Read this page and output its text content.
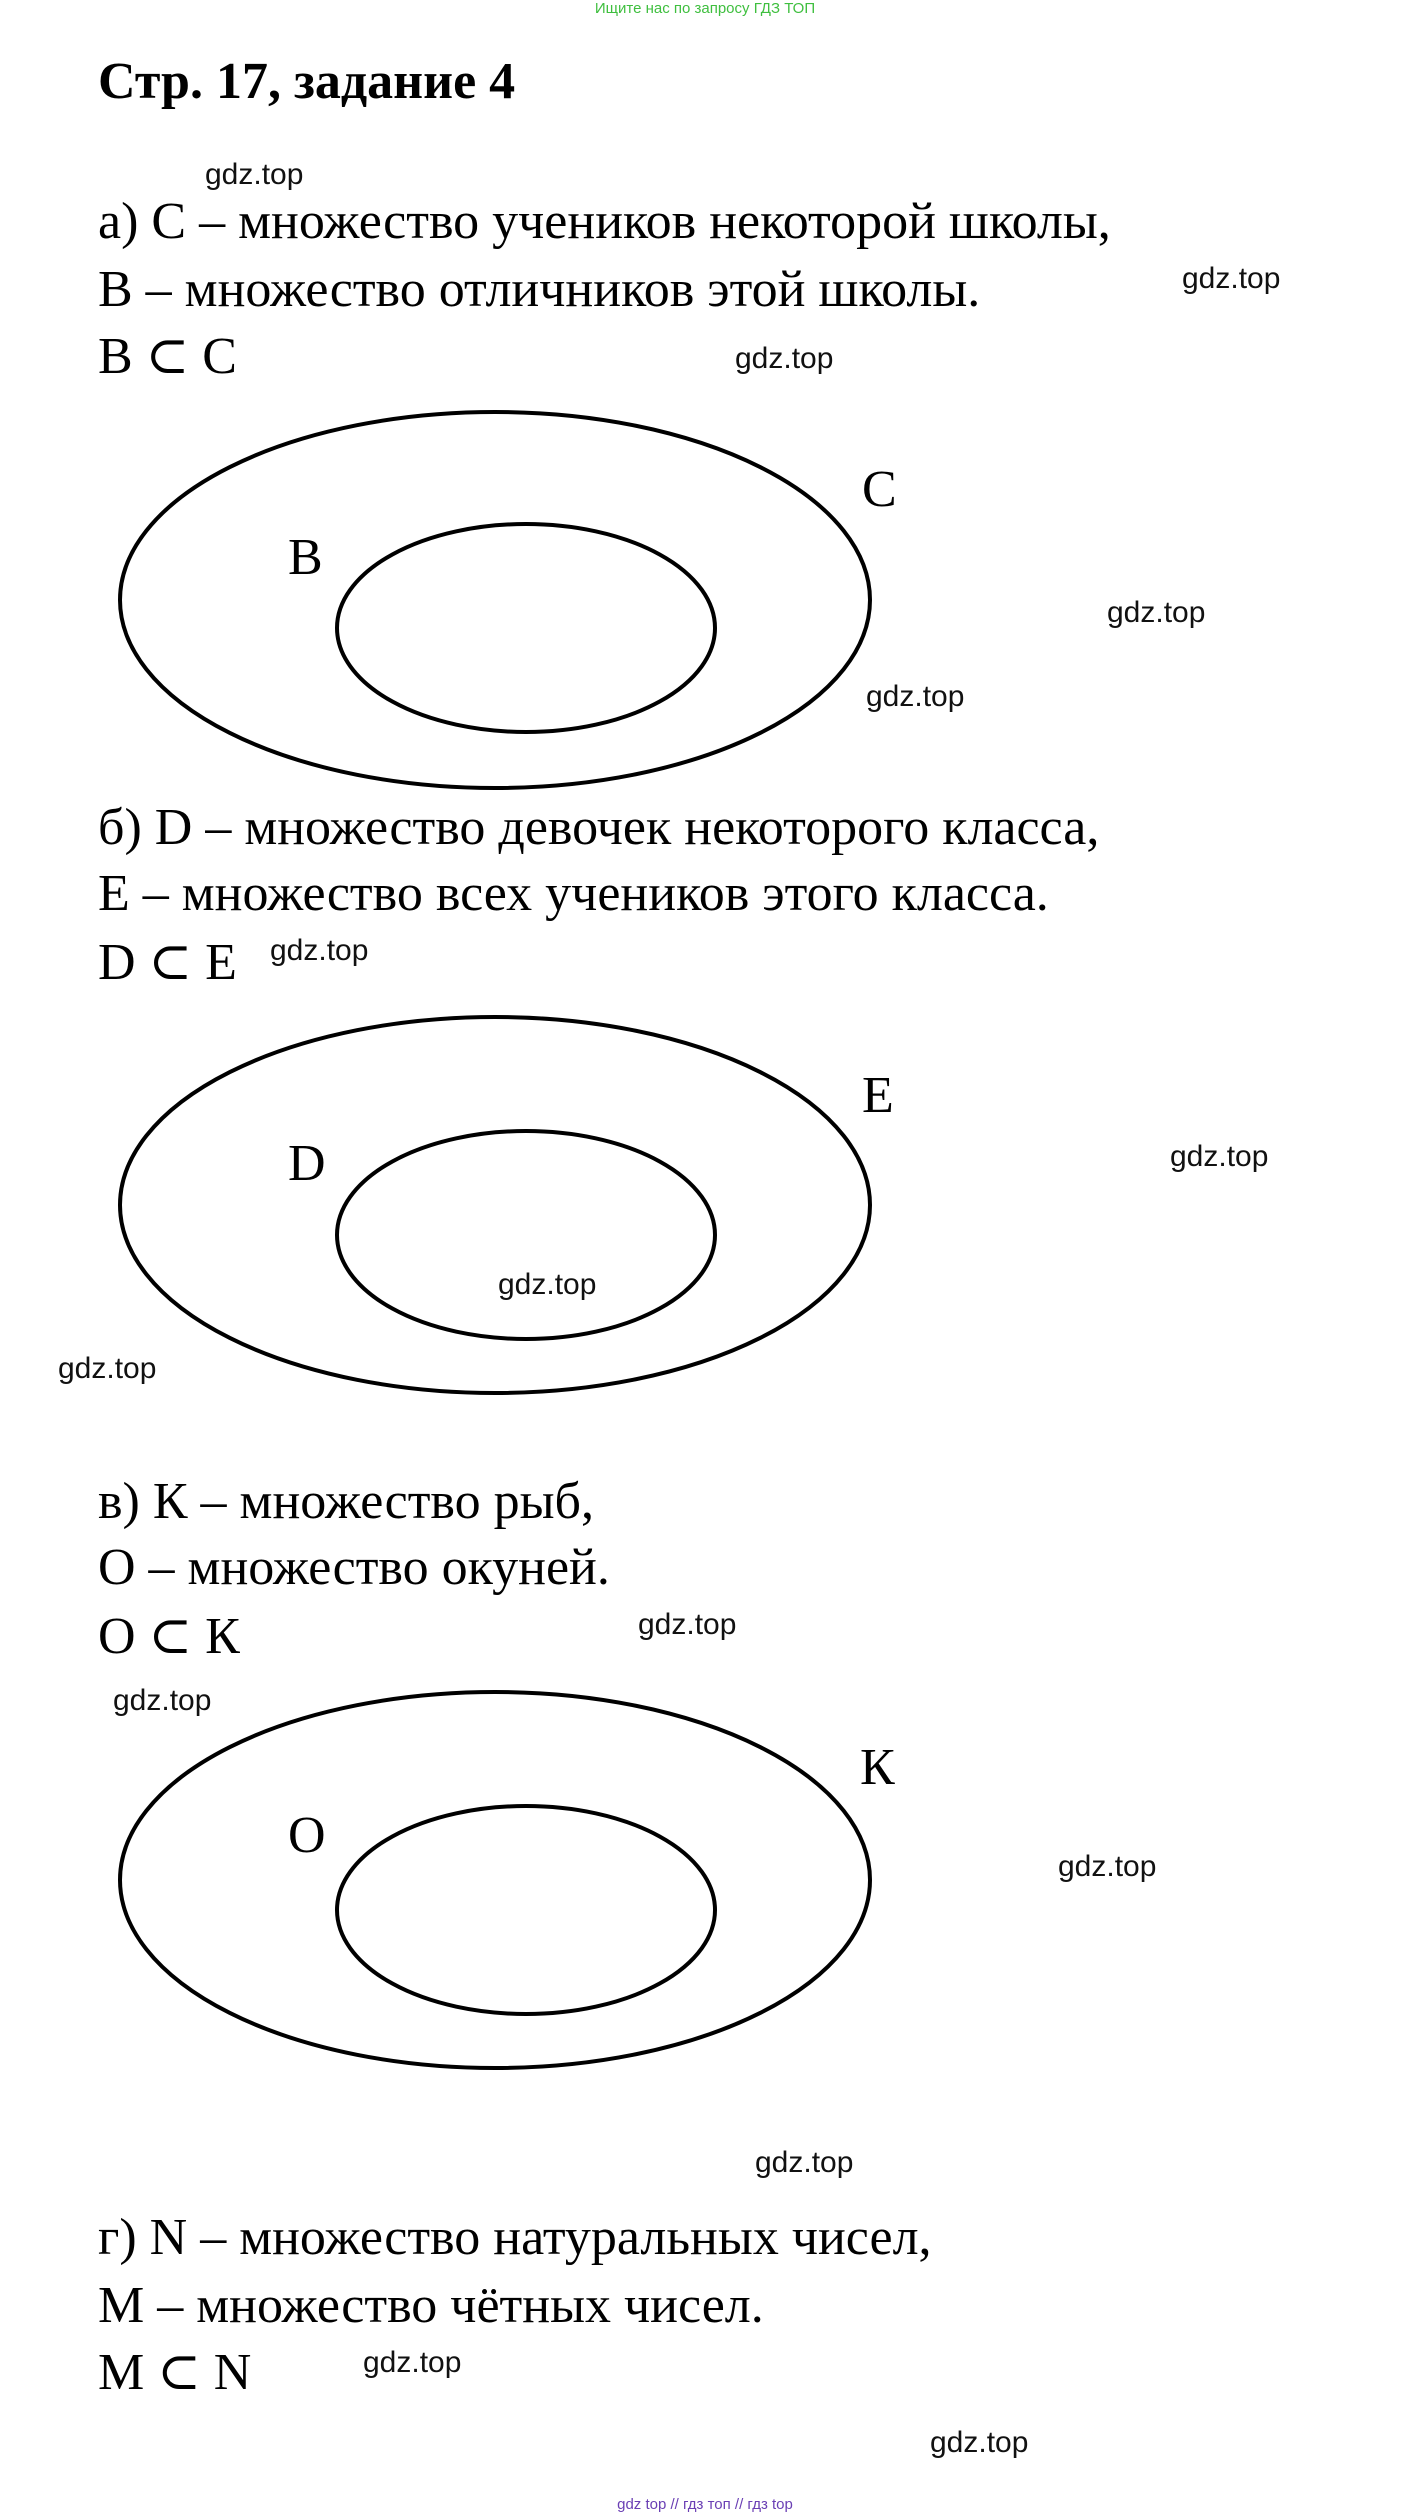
Ищите нас по запросу ГДЗ ТОП
Стр. 17, задание 4
а) С – множество учеников некоторой школы,
В – множество отличников этой школы.
В ⊂ С
С
В
б) D – множество девочек некоторого класса,
Е – множество всех учеников этого класса.
D ⊂ E
E
D
в) К – множество рыб,
О – множество окуней.
О ⊂ К
К
О
г) N – множество натуральных чисел,
М – множество чётных чисел.
М ⊂ N
gdz.top
gdz.top
gdz.top
gdz.top
gdz.top
gdz.top
gdz.top
gdz.top
gdz.top
gdz.top
gdz.top
gdz.top
gdz.top
gdz.top
gdz.top
gdz top // гдз топ // гдз top
